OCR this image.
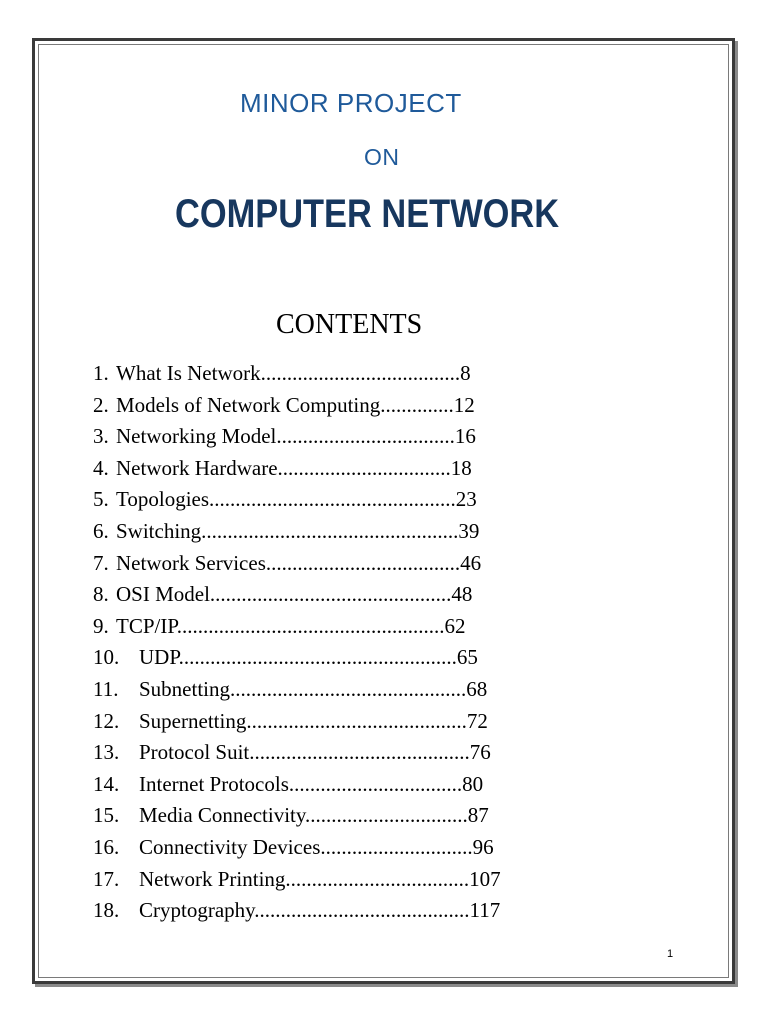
MINOR PROJECT
ON
COMPUTER NETWORK
CONTENTS
1. What Is Network......................................8
2. Models of Network Computing..............12
3. Networking Model..................................16
4. Network Hardware.................................18
5. Topologies...............................................23
6. Switching.................................................39
7. Network Services.....................................46
8. OSI Model..............................................48
9. TCP/IP...................................................62
10. UDP.....................................................65
11. Subnetting.............................................68
12. Supernetting..........................................72
13. Protocol Suit..........................................76
14. Internet Protocols.................................80
15. Media Connectivity...............................87
16. Connectivity Devices.............................96
17. Network Printing...................................107
18. Cryptography.........................................117
1
